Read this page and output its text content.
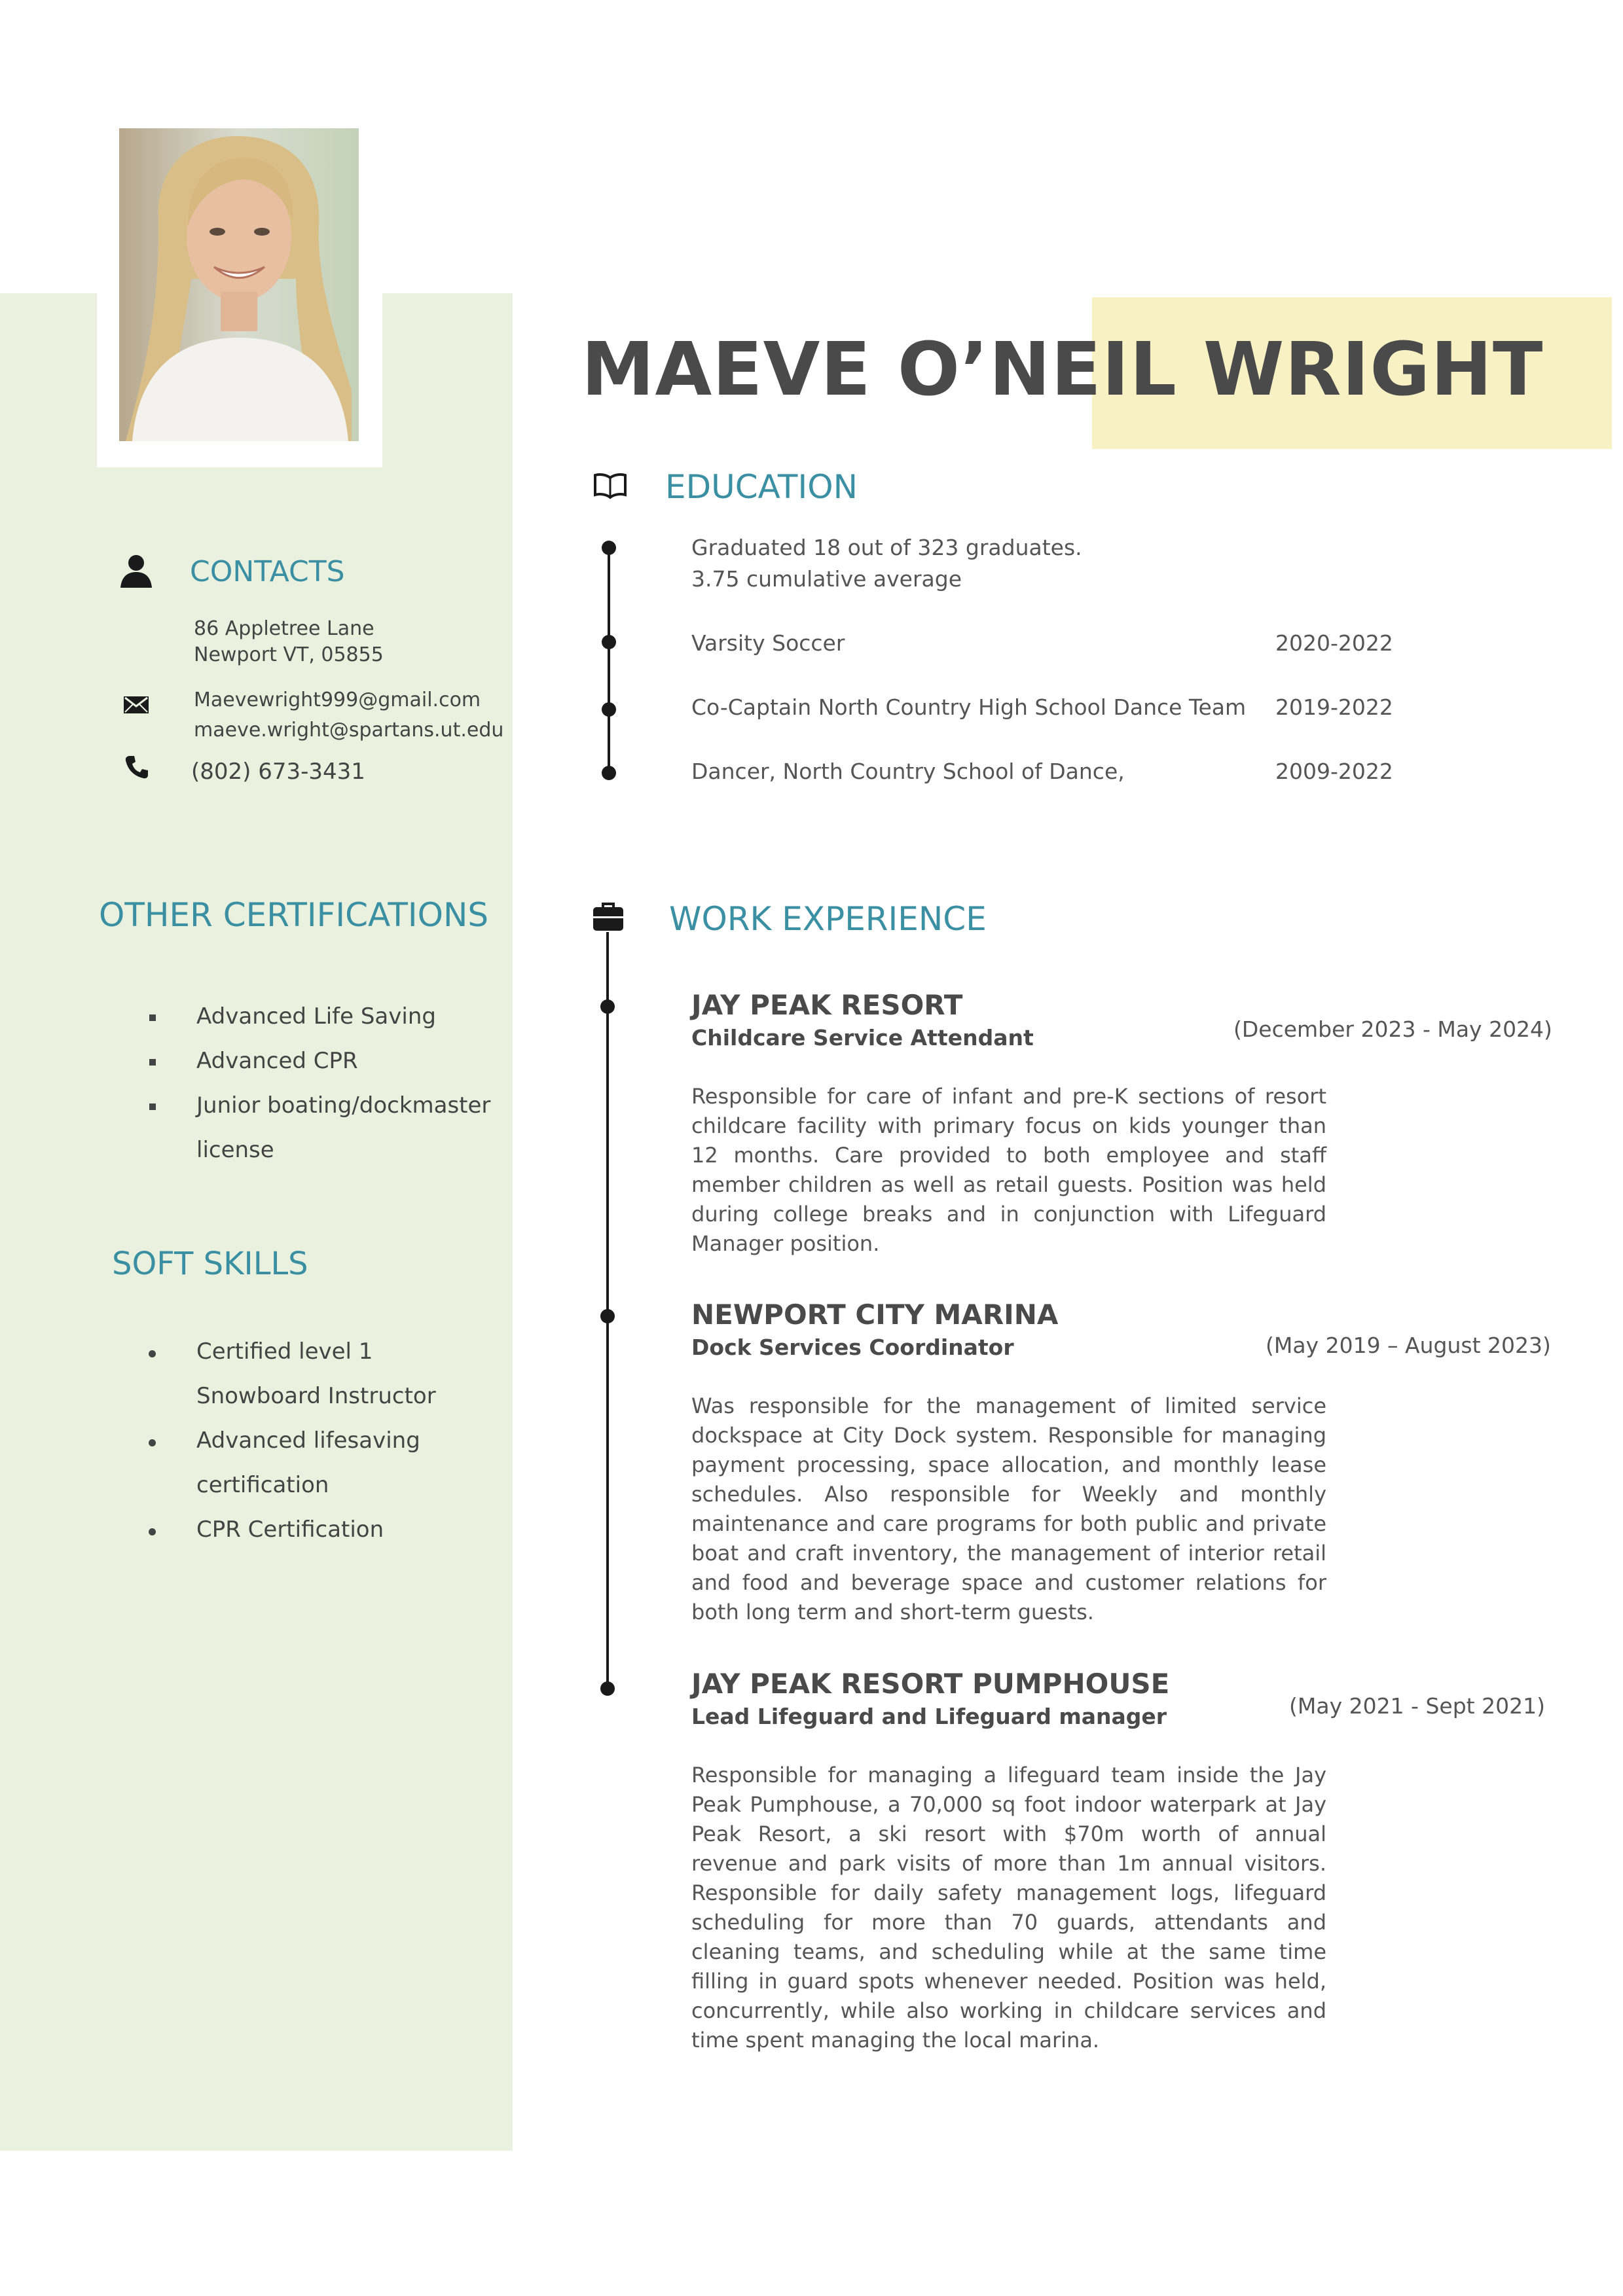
MAEVE O’NEIL WRIGHT
CONTACTS
86 Appletree Lane
Newport VT, 05855
Maevewright999@gmail.com
maeve.wright@spartans.ut.edu
(802) 673-3431
OTHER CERTIFICATIONS
Advanced Life Saving
Advanced CPR
Junior boating/dockmaster
license
SOFT SKILLS
Certified level 1
Snowboard Instructor
Advanced lifesaving
certification
CPR Certification
EDUCATION
Graduated 18 out of 323 graduates.
3.75 cumulative average
Varsity Soccer	2020-2022
Co-Captain North Country High School Dance Team 2019-2022
Dancer, North Country School of Dance,	2009-2022
WORK EXPERIENCE
JAY PEAK RESORT
Childcare Service Attendant	(December 2023 - May 2024)
Responsible for care of infant and pre-K sections of resort childcare facility with primary focus on kids younger than 12 months. Care provided to both employee and staff member children as well as retail guests. Position was held during college breaks and in conjunction with Lifeguard Manager position.
NEWPORT CITY MARINA
Dock Services Coordinator	(May 2019 – August 2023)
Was responsible for the management of limited service dockspace at City Dock system. Responsible for managing payment processing, space allocation, and monthly lease schedules. Also responsible for Weekly and monthly maintenance and care programs for both public and private boat and craft inventory, the management of interior retail and food and beverage space and customer relations for both long term and short-term guests.
JAY PEAK RESORT PUMPHOUSE
Lead Lifeguard and Lifeguard manager	(May 2021 - Sept 2021)
Responsible for managing a lifeguard team inside the Jay Peak Pumphouse, a 70,000 sq foot indoor waterpark at Jay Peak Resort, a ski resort with $70m worth of annual revenue and park visits of more than 1m annual visitors. Responsible for daily safety management logs, lifeguard scheduling for more than 70 guards, attendants and cleaning teams, and scheduling while at the same time filling in guard spots whenever needed. Position was held, concurrently, while also working in childcare services and time spent managing the local marina.
